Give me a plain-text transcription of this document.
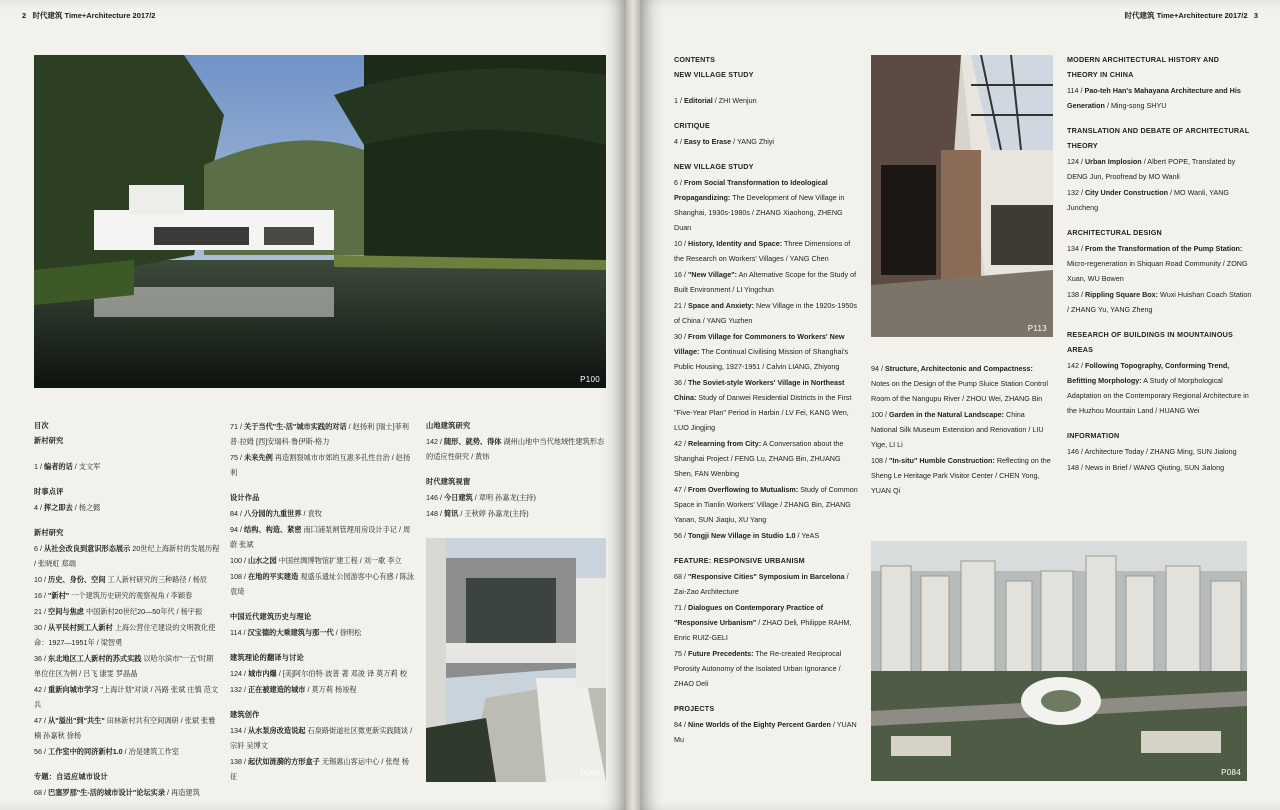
2 时代建筑 Time+Architecture 2017/2
P100
目次
新村研究
1 / 编者的话 / 支文军
时事点评
4 / 挥之即去 / 杨之懿
新村研究
6 / 从社会改良到意识形态展示 20世纪上海新村的发展历程 / 张晓虹 郑端
10 / 历史、身份、空间 工人新村研究的三种路径 / 杨辰
16 / "新村" 一个建筑历史研究的观察视角 / 李颖春
21 / 空间与焦虑 中国新村20世纪20—50年代 / 杨宇振
30 / 从平民村到工人新村 上海公营住宅建设的文明教化使命：1927—1951年 / 梁智勇
36 / 东北地区工人新村的苏式实践 以哈尔滨市"一五"时期单位住区为例 / 吕飞 康雯 罗晶晶
42 / 重新向城市学习 "上海计划"对谈 / 冯路 张斌 庄慎 范文兵
47 / 从"溢出"到"共生" 田林新村共有空间调研 / 张斌 张雅楠 孙嘉秋 徐杨
56 / 工作室中的同济新村1.0 / 冶是建筑工作室
专题：自适应城市设计
68 / 巴塞罗那"生-活的城市设计"论坛实录 / 再造建筑
71 / 关于当代"生-活"城市实践的对话 / 赵扬利 [瑞士]菲利普·拉姆 [西]安瑞科·鲁伊斯-格力
75 / 未来先例 再造割裂城市市郊的互惠多孔性自治 / 赵扬利
设计作品
84 / 八分园的九重世界 / 袁牧
94 / 结构、构造、紧密 南囗浦泵闸管理用房设计手记 / 周蔚 张斌
100 / 山水之园 中国丝绸博物馆扩建工程 / 刘一歌 李立
108 / 在地的平实建造 观盛乐遗址公园游客中心有感 / 陈泳 袁琦
中国近代建筑历史与理论
114 / 汉宝德的大乘建筑与那一代 / 徐明松
建筑理论的翻译与讨论
124 / 城市内爆 / [美]阿尔伯特·波普 著 邓浚 译 莫万莉 校
132 / 正在被建造的城市 / 莫万莉 杨竣程
建筑创作
134 / 从水泵房改造说起 石泉路街道社区微更新实践随谈 / 宗轩 吴博文
138 / 起伏如涟漪的方形盒子 无锡惠山客运中心 / 张煜 杨征
山地建筑研究
142 / 随形、就势、得体 湖州山地中当代地域性建筑形态的适应性研究 / 黄炜
时代建筑视窗
146 / 今日建筑 / 章明 孙嘉龙(主持)
148 / 简讯 / 王秋婷 孙嘉龙(主持)
P096
时代建筑 Time+Architecture 2017/2 3
CONTENTS
NEW VILLAGE STUDY
1 / Editorial / ZHI Wenjun
CRITIQUE
4 / Easy to Erase / YANG Zhiyi
NEW VILLAGE STUDY
6 / From Social Transformation to Ideological Propagandizing: The Development of New Village in Shanghai, 1930s-1980s / ZHANG Xiaohong, ZHENG Duan
10 / History, Identity and Space: Three Dimensions of the Research on Workers' Villages / YANG Chen
16 / "New Village": An Alternative Scope for the Study of Built Environment / LI Yingchun
21 / Space and Anxiety: New Village in the 1920s-1950s of China / YANG Yuzhen
30 / From Village for Commoners to Workers' New Village: The Continual Civilising Mission of Shanghai's Public Housing, 1927-1951 / Calvin LIANG, Zhiyong
36 / The Soviet-style Workers' Village in Northeast China: Study of Danwei Residential Districts in the First "Five-Year Plan" Period in Harbin / LV Fei, KANG Wen, LUO Jingjing
42 / Relearning from City: A Conversation about the Shanghai Project / FENG Lu, ZHANG Bin, ZHUANG Shen, FAN Wenbing
47 / From Overflowing to Mutualism: Study of Common Space in Tianlin Workers' Village / ZHANG Bin, ZHANG Yanan, SUN Jiaqiu, XU Yang
56 / Tongji New Village in Studio 1.0 / YeAS
FEATURE: RESPONSIVE URBANISM
68 / "Responsive Cities" Symposium in Barcelona / Zai-Zao Architecture
71 / Dialogues on Contemporary Practice of "Responsive Urbanism" / ZHAO Deli, Philippe RAHM, Enric RUIZ-GELI
75 / Future Precedents: The Re-created Reciprocal Porosity Autonomy of the Isolated Urban Ignorance / ZHAO Deli
PROJECTS
84 / Nine Worlds of the Eighty Percent Garden / YUAN Mu
P113
94 / Structure, Architectonic and Compactness: Notes on the Design of the Pump Sluice Station Control Room of the Nangupu River / ZHOU Wei, ZHANG Bin
100 / Garden in the Natural Landscape: China National Silk Museum Extension and Renovation / LIU Yige, LI Li
108 / "In-situ" Humble Construction: Reflecting on the Sheng Le Heritage Park Visitor Center / CHEN Yong, YUAN Qi
MODERN ARCHITECTURAL HISTORY AND THEORY IN CHINA
114 / Pao-teh Han's Mahayana Architecture and His Generation / Ming-song SHYU
TRANSLATION AND DEBATE OF ARCHITECTURAL THEORY
124 / Urban Implosion / Albert POPE, Translated by DENG Jun, Proofread by MO Wanli
132 / City Under Construction / MO Wanli, YANG Juncheng
ARCHITECTURAL DESIGN
134 / From the Transformation of the Pump Station: Micro-regeneration in Shiquan Road Community / ZONG Xuan, WU Bowen
138 / Rippling Square Box: Wuxi Huishan Coach Station / ZHANG Yu, YANG Zheng
RESEARCH OF BUILDINGS IN MOUNTAINOUS AREAS
142 / Following Topography, Conforming Trend, Befitting Morphology: A Study of Morphological Adaptation on the Contemporary Regional Architecture in the Huzhou Mountain Land / HUANG Wei
INFORMATION
146 / Architecture Today / ZHANG Ming, SUN Jialong
148 / News in Brief / WANG Qiuting, SUN Jialong
P084
